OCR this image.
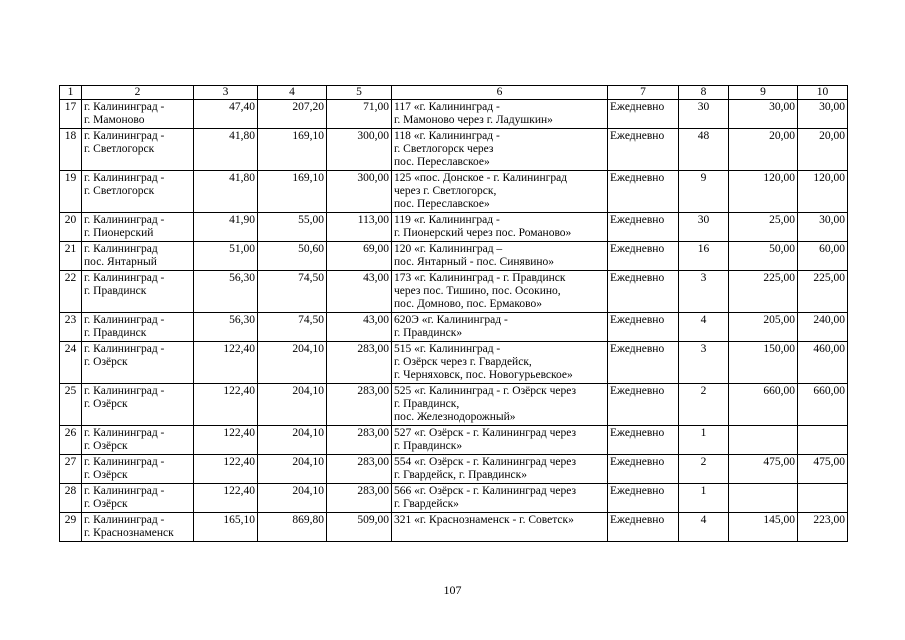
1	2	3	4	5	6	7	8	9	10
17	г. Калининград -
г. Мамоново	47,40	207,20	71,00	117 «г. Калининград -
г. Мамоново через г. Ладушкин»	Ежедневно	30	30,00	30,00
18	г. Калининград -
г. Светлогорск	41,80	169,10	300,00	118 «г. Калининград -
г. Светлогорск через
пос. Переславское»	Ежедневно	48	20,00	20,00
19	г. Калининград -
г. Светлогорск	41,80	169,10	300,00	125 «пос. Донское - г. Калининград
через г. Светлогорск,
пос. Переславское»	Ежедневно	9	120,00	120,00
20	г. Калининград -
г. Пионерский	41,90	55,00	113,00	119 «г. Калининград -
г. Пионерский через пос. Романово»	Ежедневно	30	25,00	30,00
21	г. Калининград
пос. Янтарный	51,00	50,60	69,00	120 «г. Калининград –
пос. Янтарный - пос. Синявино»	Ежедневно	16	50,00	60,00
22	г. Калининград -
г. Правдинск	56,30	74,50	43,00	173 «г. Калининград - г. Правдинск
через пос. Тишино, пос. Осокино,
пос. Домново, пос. Ермаково»	Ежедневно	3	225,00	225,00
23	г. Калининград -
г. Правдинск	56,30	74,50	43,00	620Э «г. Калининград -
г. Правдинск»	Ежедневно	4	205,00	240,00
24	г. Калининград -
г. Озёрск	122,40	204,10	283,00	515 «г. Калининград -
г. Озёрск через г. Гвардейск,
г. Черняховск, пос. Новогурьевское»	Ежедневно	3	150,00	460,00
25	г. Калининград -
г. Озёрск	122,40	204,10	283,00	525 «г. Калининград - г. Озёрск через
г. Правдинск,
пос. Железнодорожный»	Ежедневно	2	660,00	660,00
26	г. Калининград -
г. Озёрск	122,40	204,10	283,00	527 «г. Озёрск - г. Калининград через
г. Правдинск»	Ежедневно	1		
27	г. Калининград -
г. Озёрск	122,40	204,10	283,00	554 «г. Озёрск - г. Калининград через
г. Гвардейск, г. Правдинск»	Ежедневно	2	475,00	475,00
28	г. Калининград -
г. Озёрск	122,40	204,10	283,00	566 «г. Озёрск - г. Калининград через
г. Гвардейск»	Ежедневно	1		
29	г. Калининград -
г. Краснознаменск	165,10	869,80	509,00	321 «г. Краснознаменск - г. Советск»	Ежедневно	4	145,00	223,00
107
